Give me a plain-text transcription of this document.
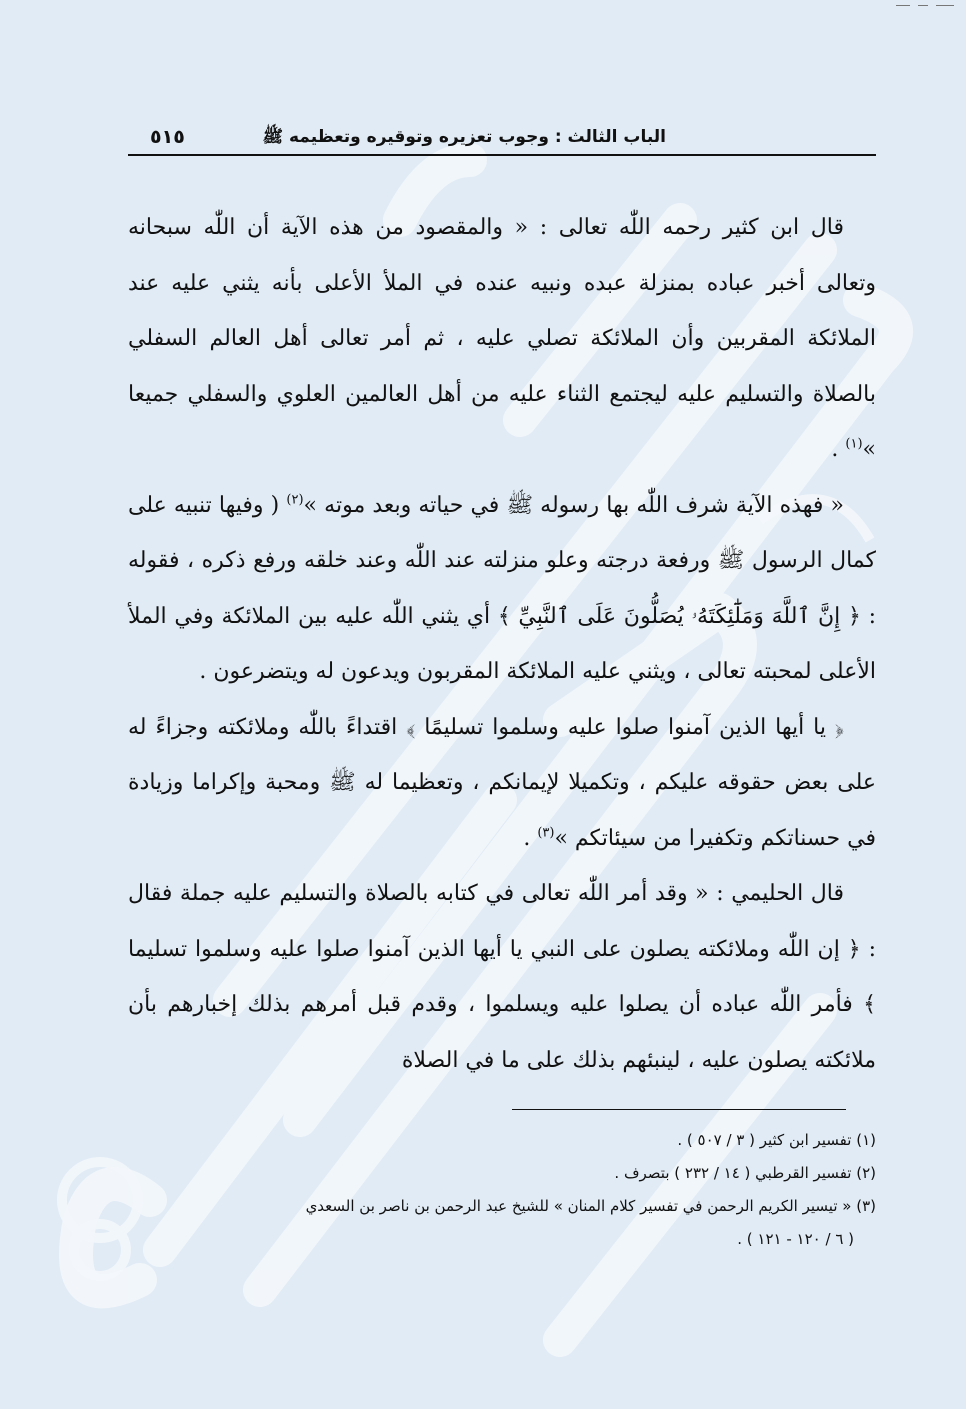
٥١٥	الباب الثالث : وجوب تعزيره وتوقيره وتعظيمه ﷺ

قال ابن كثير رحمه اللّٰه تعالى : « والمقصود من هذه الآية أن اللّٰه سبحانه وتعالى أخبر عباده بمنزلة عبده ونبيه عنده في الملأ الأعلى بأنه يثني عليه عند الملائكة المقربين وأن الملائكة تصلي عليه ، ثم أمر تعالى أهل العالم السفلي بالصلاة والتسليم عليه ليجتمع الثناء عليه من أهل العالمين العلوي والسفلي جميعا »$^{(١)}$ .

« فهذه الآية شرف اللّٰه بها رسوله ﷺ في حياته وبعد موته »$^{(٢)}$ ( وفيها تنبيه على كمال الرسول ﷺ ورفعة درجته وعلو منزلته عند اللّٰه وعند خلقه ورفع ذكره ، فقوله : ﴿ إِنَّ ٱللَّهَ وَمَلَٰٓئِكَتَهُۥ يُصَلُّونَ عَلَى ٱلنَّبِيِّ ﴾ أي يثني اللّٰه عليه بين الملائكة وفي الملأ الأعلى لمحبته تعالى ، ويثني عليه الملائكة المقربون ويدعون له ويتضرعون .

﴿ يا أيها الذين آمنوا صلوا عليه وسلموا تسليمًا ﴾ اقتداءً باللّٰه وملائكته وجزاءً له على بعض حقوقه عليكم ، وتكميلا لإيمانكم ، وتعظيما له ﷺ ومحبة وإكراما وزيادة في حسناتكم وتكفيرا من سيئاتكم »$^{(٣)}$ .

قال الحليمي : « وقد أمر اللّٰه تعالى في كتابه بالصلاة والتسليم عليه جملة فقال : ﴿ إن اللّٰه وملائكته يصلون على النبي يا أيها الذين آمنوا صلوا عليه وسلموا تسليما ﴾ فأمر اللّٰه عباده أن يصلوا عليه ويسلموا ، وقدم قبل أمرهم بذلك إخبارهم بأن ملائكته يصلون عليه ، لينبئهم بذلك على ما في الصلاة

(١) تفسير ابن كثير ( ٣ / ٥٠٧ ) .

(٢) تفسير القرطبي ( ١٤ / ٢٣٢ ) بتصرف .

(٣) « تيسير الكريم الرحمن في تفسير كلام المنان » للشيخ عبد الرحمن بن ناصر بن السعدي

( ٦ / ١٢٠ - ١٢١ ) .
